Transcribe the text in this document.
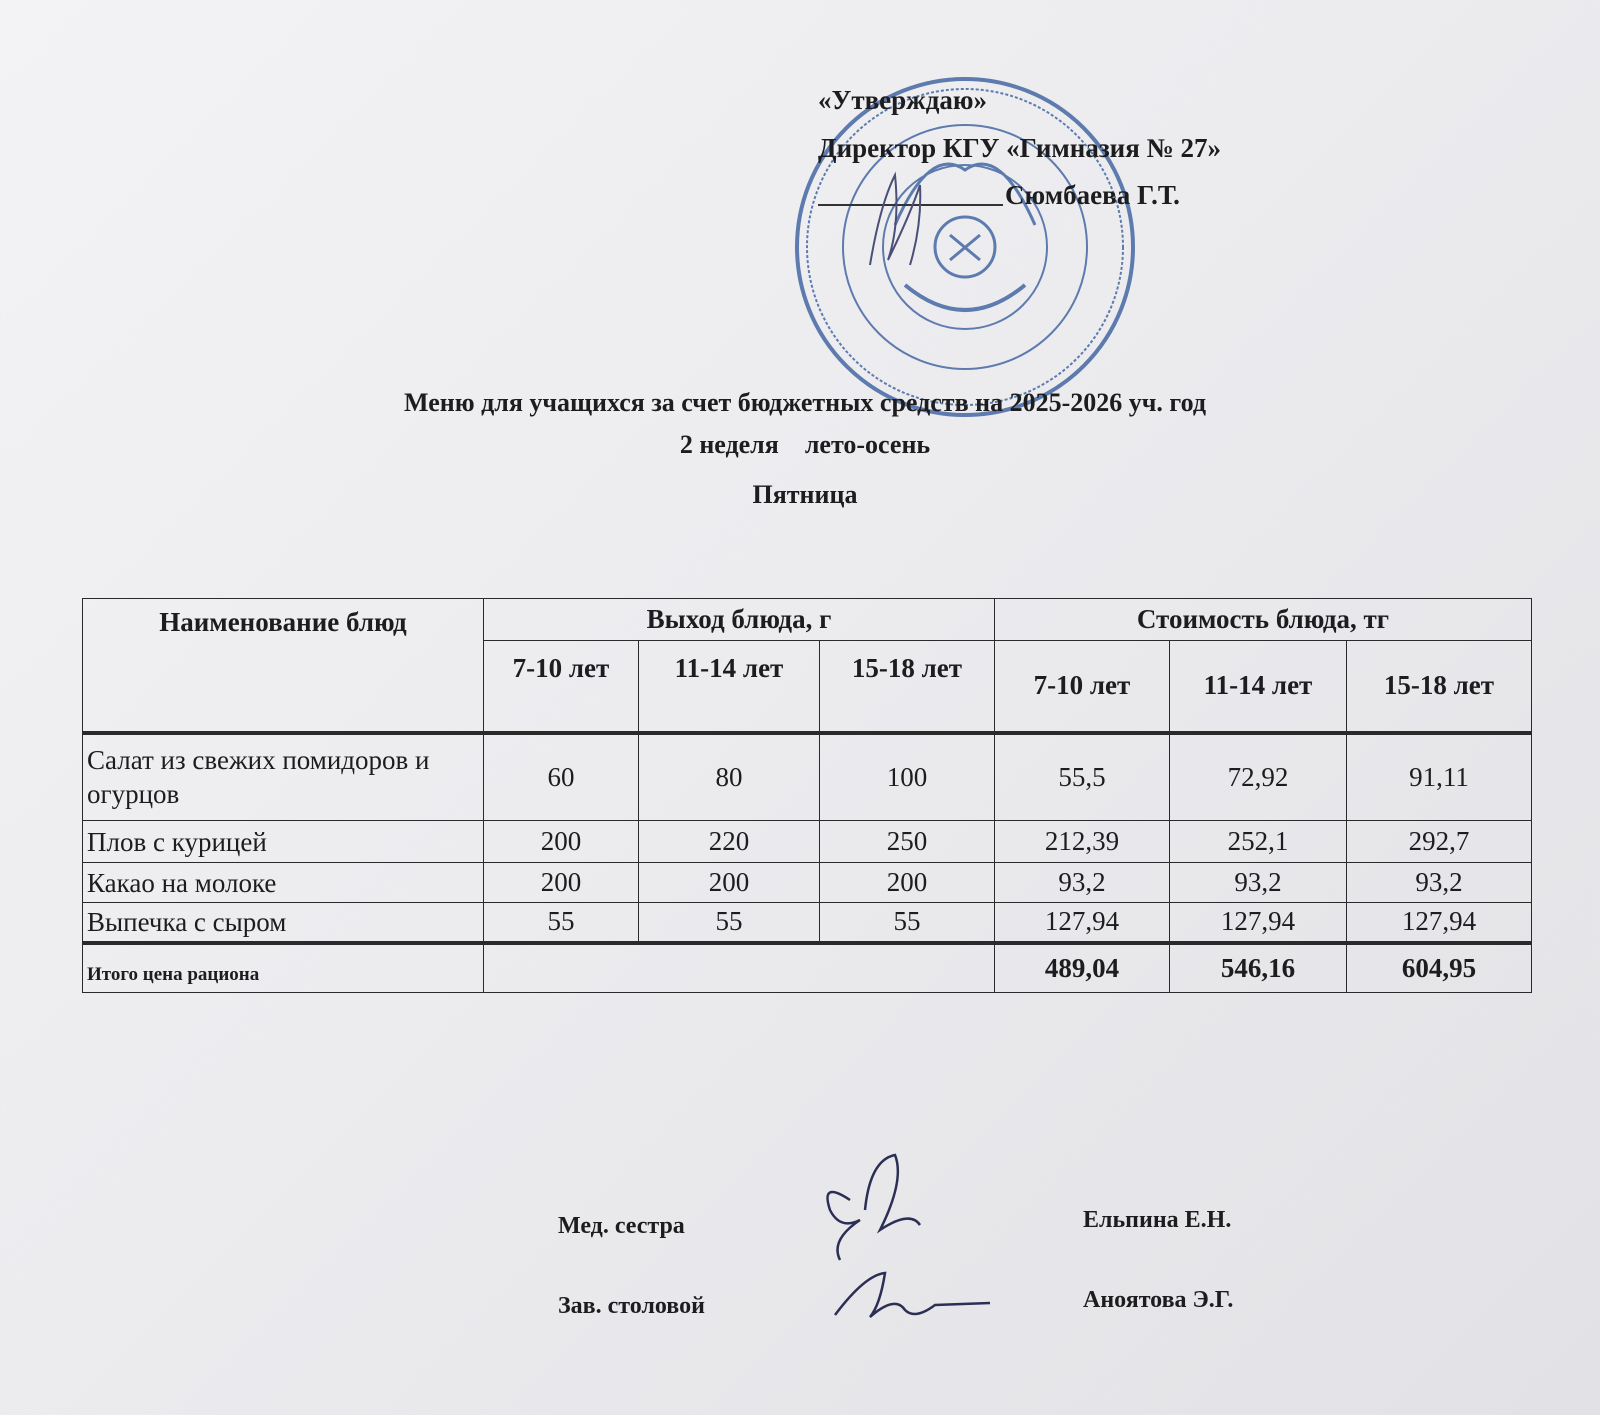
«Утверждаю»
Директор КГУ «Гимназия № 27»
Сюмбаева Г.Т.
Меню для учащихся за счет бюджетных средств на 2025-2026 уч. год
2 неделя    лето-осень
Пятница
Наименование блюд	Выход блюда, г			Стоимость блюда, тг		
	7-10 лет	11-14 лет	15-18 лет	7-10 лет	11-14 лет	15-18 лет
Салат из свежих помидоров и огурцов	60	80	100	55,5	72,92	91,11
Плов с курицей	200	220	250	212,39	252,1	292,7
Какао на молоке	200	200	200	93,2	93,2	93,2
Выпечка с сыром	55	55	55	127,94	127,94	127,94
Итого цена рациона				489,04	546,16	604,95
Мед. сестра	Ельпина Е.Н.
Зав. столовой	Аноятова Э.Г.
